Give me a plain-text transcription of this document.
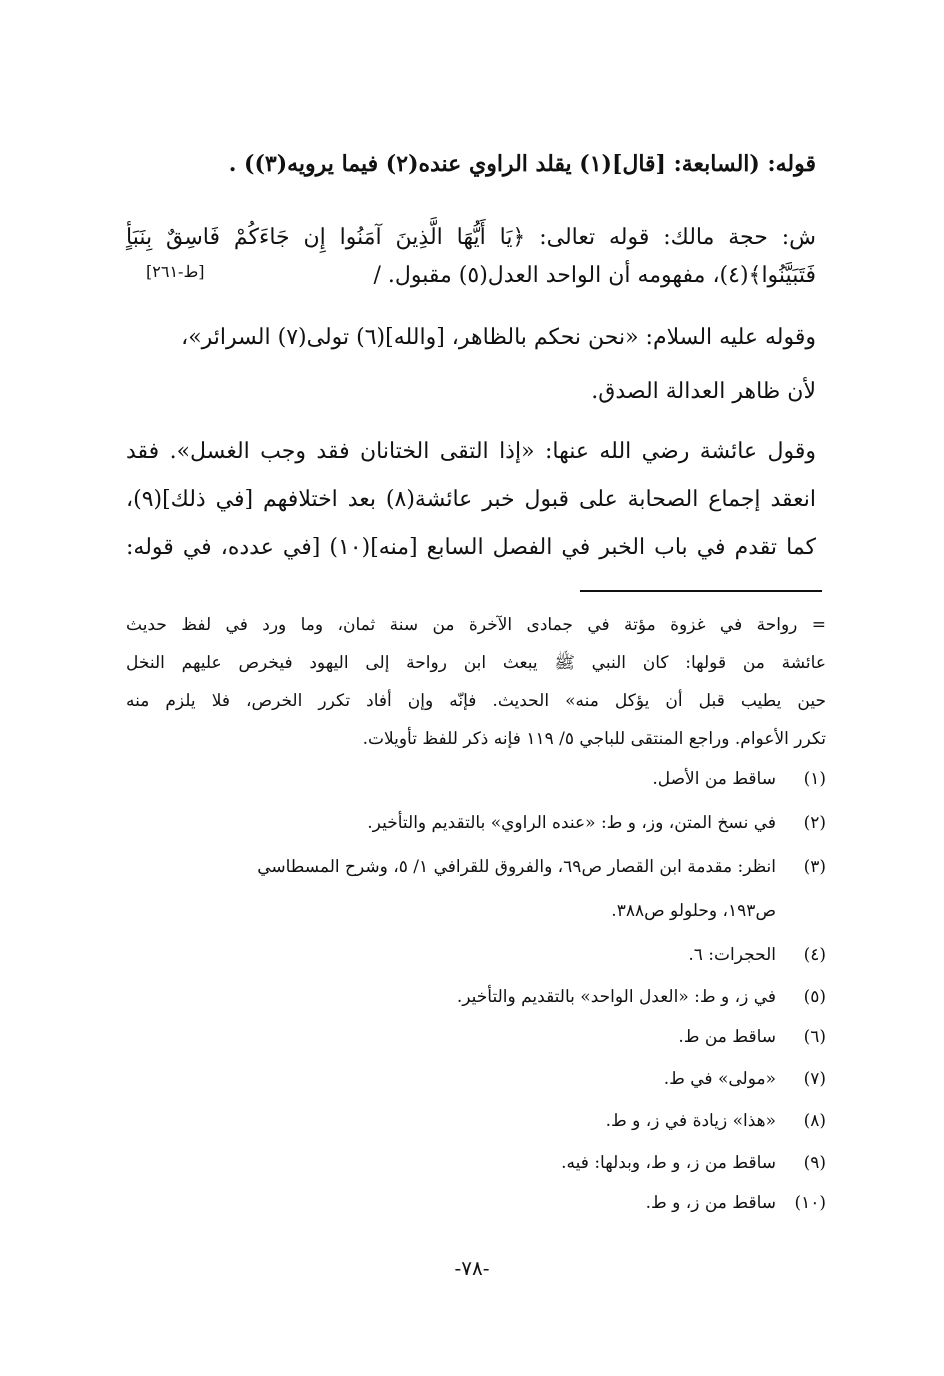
قوله: (السابعة: [قال](١) يقلد الراوي عنده(٢) فيما يرويه(٣)) .
ش: حجة مالك: قوله تعالى: ﴿يَا أَيُّهَا الَّذِينَ آمَنُوا إِن جَاءَكُمْ فَاسِقٌ بِنَبَأٍ
فَتَبَيَّنُوا﴾(٤)، مفهومه أن الواحد العدل(٥) مقبول. /
[ط-٢٦١]
وقوله عليه السلام: «نحن نحكم بالظاهر، [والله](٦) تولى(٧) السرائر»،
لأن ظاهر العدالة الصدق.
وقول عائشة رضي الله عنها: «إذا التقى الختانان فقد وجب الغسل». فقد
انعقد إجماع الصحابة على قبول خبر عائشة(٨) بعد اختلافهم [في ذلك](٩)،
كما تقدم في باب الخبر في الفصل السابع [منه](١٠) [في عدده، في قوله:
= رواحة في غزوة مؤتة في جمادى الآخرة من سنة ثمان، وما ورد في لفظ حديث
عائشة من قولها: كان النبي ﷺ يبعث ابن رواحة إلى اليهود فيخرص عليهم النخل
حين يطيب قبل أن يؤكل منه» الحديث. فإنّه وإن أفاد تكرر الخرص، فلا يلزم منه
تكرر الأعوام. وراجع المنتقى للباجي ٥/ ١١٩ فإنه ذكر للفظ تأويلات.
(١)ساقط من الأصل.
(٢)في نسخ المتن، وز، و ط: «عنده الراوي» بالتقديم والتأخير.
(٣)انظر: مقدمة ابن القصار ص٦٩، والفروق للقرافي ١/ ٥، وشرح المسطاسي
ص١٩٣، وحلولو ص٣٨٨.
(٤)الحجرات: ٦.
(٥)في ز، و ط: «العدل الواحد» بالتقديم والتأخير.
(٦)ساقط من ط.
(٧)«مولى» في ط.
(٨)«هذا» زيادة في ز، و ط.
(٩)ساقط من ز، و ط، وبدلها: فيه.
(١٠)ساقط من ز، و ط.
-٧٨-
